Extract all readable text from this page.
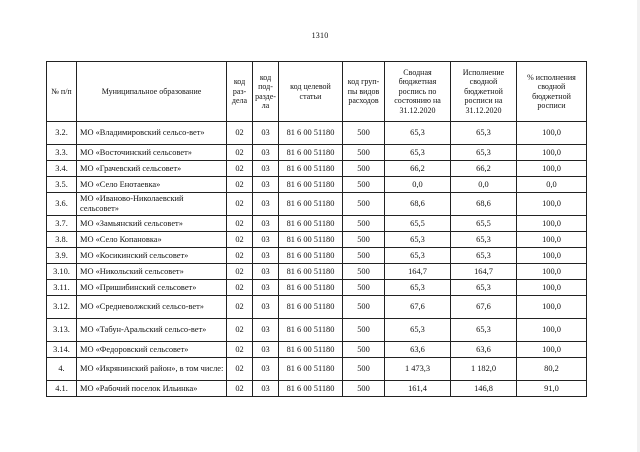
1310
№ п/п	Муниципальное образование	код раз-дела	код под-разде-ла	код целевой статьи	код груп-пы видов расходов	Сводная бюджетная роспись по состоянию на 31.12.2020	Исполнение сводной бюджетной росписи на 31.12.2020	% исполнения сводной бюджетной росписи
3.2.	МО «Владимировский сельсо-вет»	02	03	81 6 00 51180	500	65,3	65,3	100,0
3.3.	МО «Восточинский сельсовет»	02	03	81 6 00 51180	500	65,3	65,3	100,0
3.4.	МО «Грачевский сельсовет»	02	03	81 6 00 51180	500	66,2	66,2	100,0
3.5.	МО «Село Енотаевка»	02	03	81 6 00 51180	500	0,0	0,0	0,0
3.6.	МО «Ивановo-Николаевский сельсовет»	02	03	81 6 00 51180	500	68,6	68,6	100,0
3.7.	МО «Замьянский сельсовет»	02	03	81 6 00 51180	500	65,5	65,5	100,0
3.8.	МО «Село Копановка»	02	03	81 6 00 51180	500	65,3	65,3	100,0
3.9.	МО «Косикинский сельсовет»	02	03	81 6 00 51180	500	65,3	65,3	100,0
3.10.	МО «Никольский сельсовет»	02	03	81 6 00 51180	500	164,7	164,7	100,0
3.11.	МО «Пришибинский сельсовет»	02	03	81 6 00 51180	500	65,3	65,3	100,0
3.12.	МО «Средневолжский сельсо-вет»	02	03	81 6 00 51180	500	67,6	67,6	100,0
3.13.	МО «Табун-Аральский сельсо-вет»	02	03	81 6 00 51180	500	65,3	65,3	100,0
3.14.	МО «Федоровский сельсовет»	02	03	81 6 00 51180	500	63,6	63,6	100,0
4.	МО «Икрянинский район», в том числе:	02	03	81 6 00 51180	500	1 473,3	1 182,0	80,2
4.1.	МО «Рабочий поселок Ильинка»	02	03	81 6 00 51180	500	161,4	146,8	91,0
